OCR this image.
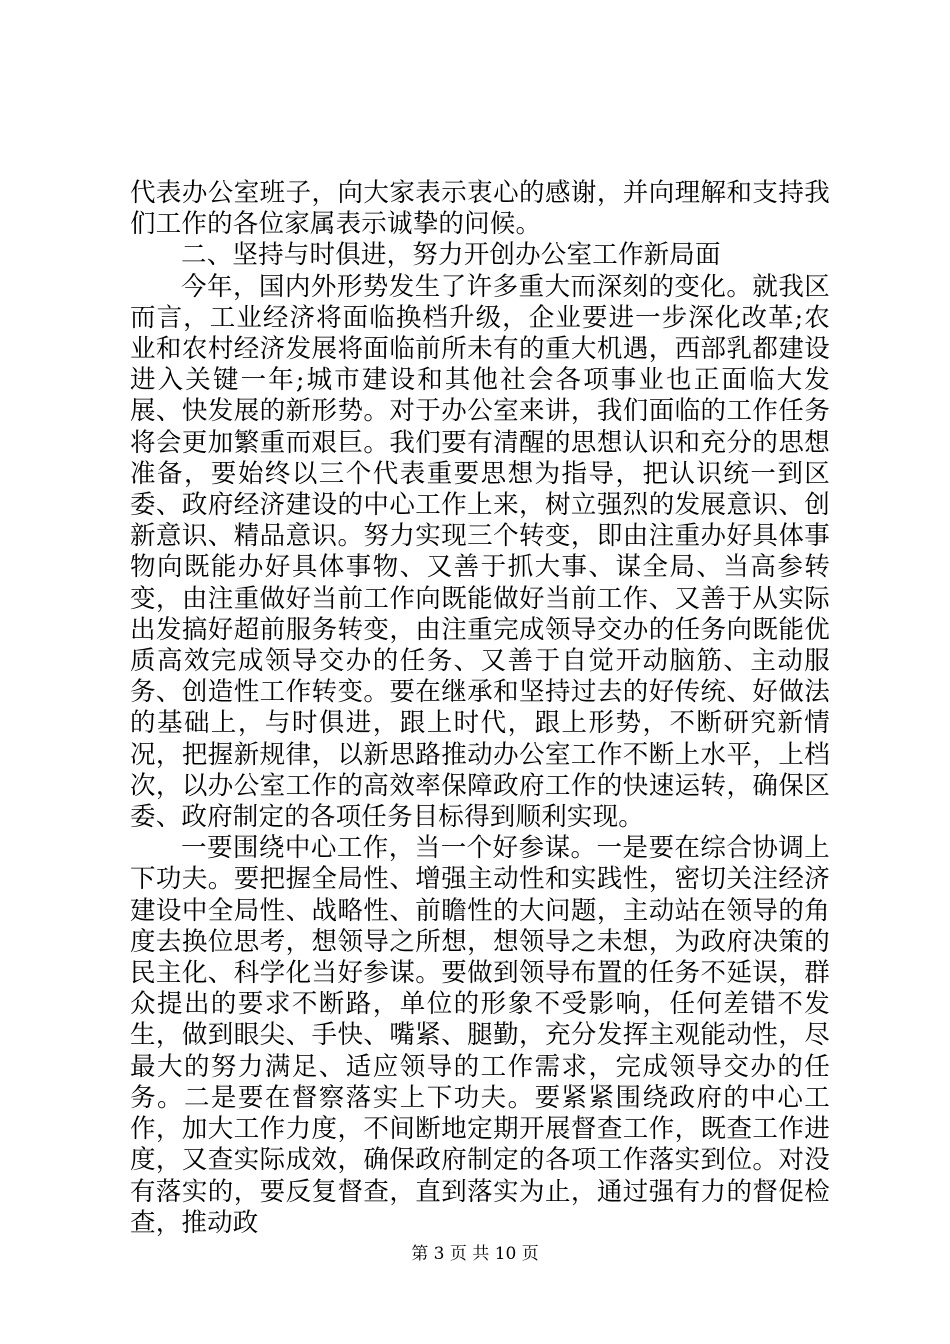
代表办公室班子，向大家表示衷心的感谢，并向理解和支持我们工作的各位家属表示诚挚的问候。

二、坚持与时俱进，努力开创办公室工作新局面

今年，国内外形势发生了许多重大而深刻的变化。就我区而言，工业经济将面临换档升级，企业要进一步深化改革;农业和农村经济发展将面临前所未有的重大机遇，西部乳都建设进入关键一年;城市建设和其他社会各项事业也正面临大发展、快发展的新形势。对于办公室来讲，我们面临的工作任务将会更加繁重而艰巨。我们要有清醒的思想认识和充分的思想准备，要始终以三个代表重要思想为指导，把认识统一到区委、政府经济建设的中心工作上来，树立强烈的发展意识、创新意识、精品意识。努力实现三个转变，即由注重办好具体事物向既能办好具体事物、又善于抓大事、谋全局、当高参转变，由注重做好当前工作向既能做好当前工作、又善于从实际出发搞好超前服务转变，由注重完成领导交办的任务向既能优质高效完成领导交办的任务、又善于自觉开动脑筋、主动服务、创造性工作转变。要在继承和坚持过去的好传统、好做法的基础上，与时俱进，跟上时代，跟上形势，不断研究新情况，把握新规律，以新思路推动办公室工作不断上水平，上档次，以办公室工作的高效率保障政府工作的快速运转，确保区委、政府制定的各项任务目标得到顺利实现。

一要围绕中心工作，当一个好参谋。一是要在综合协调上下功夫。要把握全局性、增强主动性和实践性，密切关注经济建设中全局性、战略性、前瞻性的大问题，主动站在领导的角度去换位思考，想领导之所想，想领导之未想，为政府决策的民主化、科学化当好参谋。要做到领导布置的任务不延误，群众提出的要求不断路，单位的形象不受影响，任何差错不发生，做到眼尖、手快、嘴紧、腿勤，充分发挥主观能动性，尽最大的努力满足、适应领导的工作需求，完成领导交办的任务。二是要在督察落实上下功夫。要紧紧围绕政府的中心工作，加大工作力度，不间断地定期开展督查工作，既查工作进度，又查实际成效，确保政府制定的各项工作落实到位。对没有落实的，要反复督查，直到落实为止，通过强有力的督促检查，推动政

第 3 页 共 10 页
